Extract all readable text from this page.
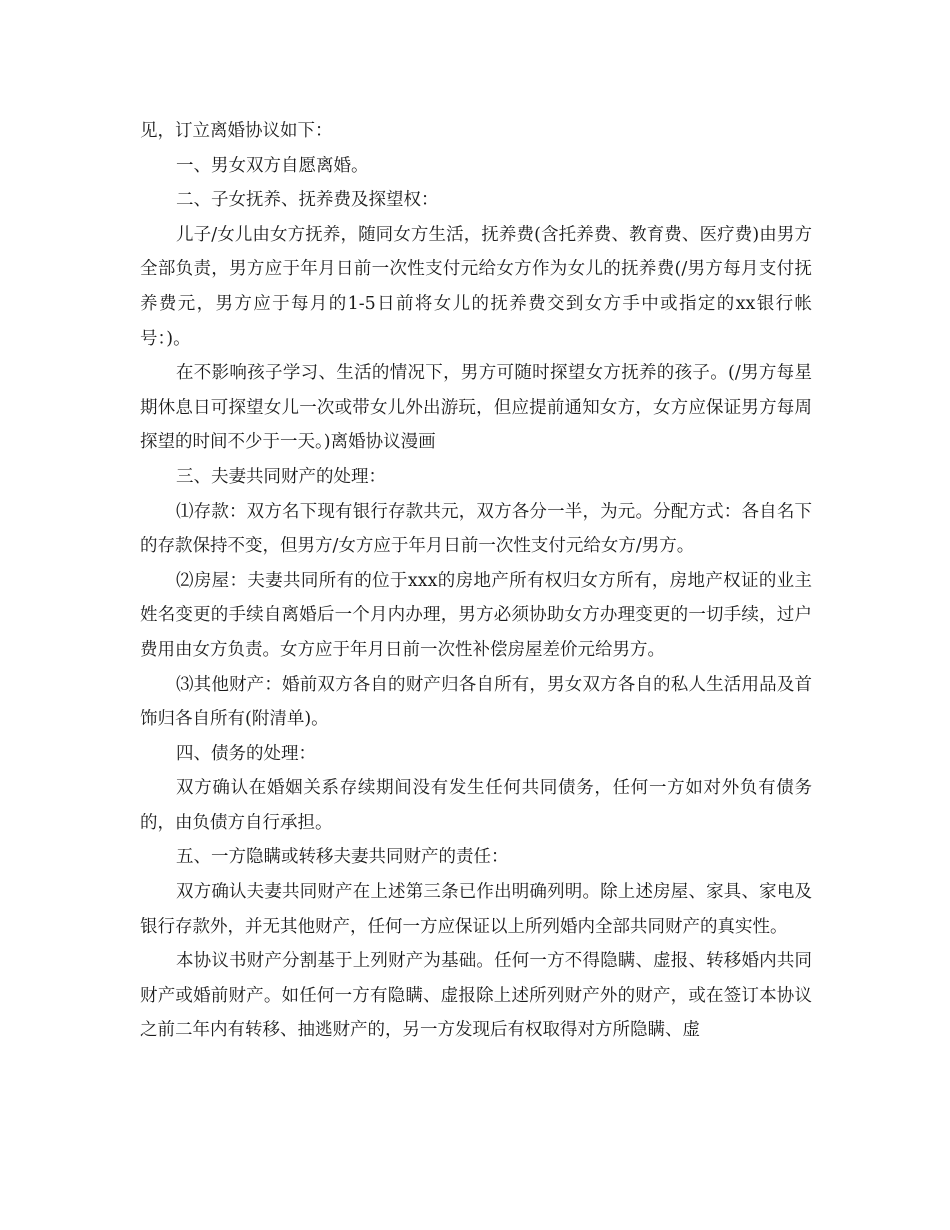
见，订立离婚协议如下：

一、男女双方自愿离婚。

二、子女抚养、抚养费及探望权：

儿子/女儿由女方抚养，随同女方生活，抚养费(含托养费、教育费、医疗费)由男方全部负责，男方应于年月日前一次性支付元给女方作为女儿的抚养费(/男方每月支付抚养费元，男方应于每月的1-5日前将女儿的抚养费交到女方手中或指定的xx银行帐号：)。

在不影响孩子学习、生活的情况下，男方可随时探望女方抚养的孩子。(/男方每星期休息日可探望女儿一次或带女儿外出游玩，但应提前通知女方，女方应保证男方每周探望的时间不少于一天。)离婚协议漫画

三、夫妻共同财产的处理：

⑴存款：双方名下现有银行存款共元，双方各分一半，为元。分配方式：各自名下的存款保持不变，但男方/女方应于年月日前一次性支付元给女方/男方。

⑵房屋：夫妻共同所有的位于xxx的房地产所有权归女方所有，房地产权证的业主姓名变更的手续自离婚后一个月内办理，男方必须协助女方办理变更的一切手续，过户费用由女方负责。女方应于年月日前一次性补偿房屋差价元给男方。

⑶其他财产：婚前双方各自的财产归各自所有，男女双方各自的私人生活用品及首饰归各自所有(附清单)。

四、债务的处理：

双方确认在婚姻关系存续期间没有发生任何共同债务，任何一方如对外负有债务的，由负债方自行承担。

五、一方隐瞒或转移夫妻共同财产的责任：

双方确认夫妻共同财产在上述第三条已作出明确列明。除上述房屋、家具、家电及银行存款外，并无其他财产，任何一方应保证以上所列婚内全部共同财产的真实性。

本协议书财产分割基于上列财产为基础。任何一方不得隐瞒、虚报、转移婚内共同财产或婚前财产。如任何一方有隐瞒、虚报除上述所列财产外的财产，或在签订本协议之前二年内有转移、抽逃财产的，另一方发现后有权取得对方所隐瞒、虚
